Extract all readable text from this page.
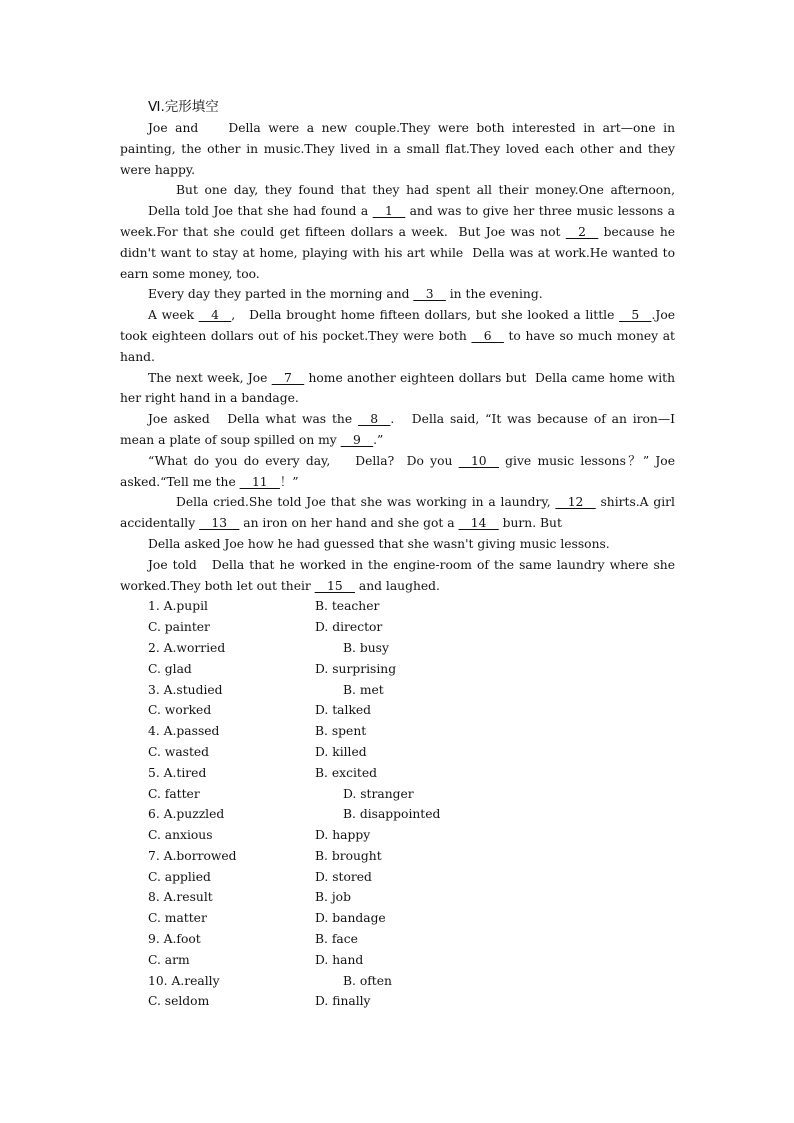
Ⅵ.完形填空

Joe and    Della were a new couple.They were both interested in art—one in painting, the other in music.They lived in a small flat.They loved each other and they were happy.

But one day, they found that they had spent all their money.One afternoon,

Della told Joe that she had found a __1__ and was to give her three music lessons a week.For that she could get fifteen dollars a week.  But Joe was not __2__ because he didn't want to stay at home, playing with his art while  Della was at work.He wanted to earn some money, too.

Every day they parted in the morning and __3__ in the evening.

A week __4__,   Della brought home fifteen dollars, but she looked a little __5__.Joe took eighteen dollars out of his pocket.They were both __6__ to have so much money at hand.

The next week, Joe __7__ home another eighteen dollars but  Della came home with her right hand in a bandage.

Joe asked   Della what was the __8__.   Della said, “It was because of an iron—I mean a plate of soup spilled on my __9__.”

“What do you do every day,    Della?  Do you __10__ give music lessons？” Joe asked.“Tell me the __11__！”

Della cried.She told Joe that she was working in a laundry, __12__ shirts.A girl accidentally __13__ an iron on her hand and she got a __14__ burn. But

Della asked Joe how he had guessed that she wasn't giving music lessons.

Joe told   Della that he worked in the engine-room of the same laundry where she worked.They both let out their __15__ and laughed.

1. A.pupil	B. teacher
C. painter	D. director
2. A.worried	B. busy
C. glad	D. surprising
3. A.studied	B. met
C. worked	D. talked
4. A.passed	B. spent
C. wasted	D. killed
5. A.tired	B. excited
C. fatter	D. stranger
6. A.puzzled	B. disappointed
C. anxious	D. happy
7. A.borrowed	B. brought
C. applied	D. stored
8. A.result	B. job
C. matter	D. bandage
9. A.foot	B. face
C. arm	D. hand
10. A.really	B. often
C. seldom	D. finally
